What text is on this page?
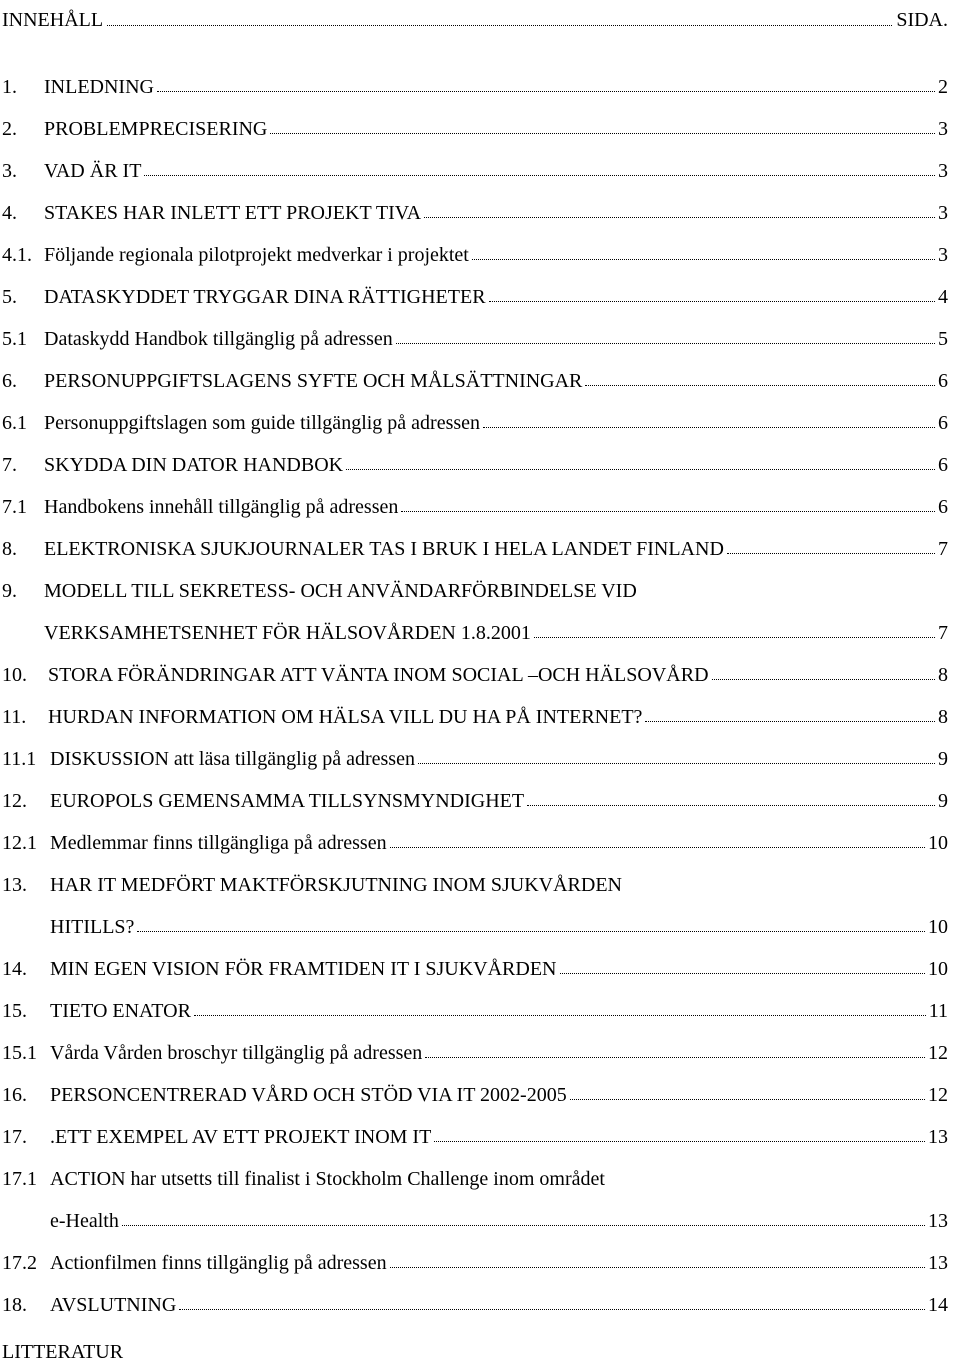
INNEHÅLL	SIDA.
1. INLEDNING	2
2. PROBLEMPRECISERING	3
3. VAD ÄR IT	3
4. STAKES HAR INLETT ETT PROJEKT TIVA	3
4.1. Följande regionala pilotprojekt medverkar i projektet	3
5. DATASKYDDET TRYGGAR DINA RÄTTIGHETER	4
5.1 Dataskydd Handbok tillgänglig på adressen	5
6. PERSONUPPGIFTSLAGENS SYFTE OCH MÅLSÄTTNINGAR	6
6.1 Personuppgiftslagen som guide tillgänglig på adressen	6
7. SKYDDA DIN DATOR HANDBOK	6
7.1 Handbokens innehåll tillgänglig på adressen	6
8. ELEKTRONISKA SJUKJOURNALER TAS I BRUK I HELA LANDET FINLAND	7
9. MODELL TILL SEKRETESS- OCH ANVÄNDARFÖRBINDELSE VID
VERKSAMHETSENHET FÖR HÄLSOVÅRDEN 1.8.2001	7
10. STORA FÖRÄNDRINGAR ATT VÄNTA INOM SOCIAL –OCH HÄLSOVÅRD	8
11. HURDAN INFORMATION OM HÄLSA VILL DU HA PÅ INTERNET?	8
11.1 DISKUSSION att läsa tillgänglig på adressen	9
12. EUROPOLS GEMENSAMMA TILLSYNSMYNDIGHET	9
12.1 Medlemmar finns tillgängliga på adressen	10
13. HAR IT MEDFÖRT MAKTFÖRSKJUTNING INOM SJUKVÅRDEN
HITILLS?	10
14. MIN EGEN VISION FÖR FRAMTIDEN IT I SJUKVÅRDEN	10
15. TIETO ENATOR	11
15.1 Vårda Vården broschyr tillgänglig på adressen	12
16. PERSONCENTRERAD VÅRD OCH STÖD VIA IT 2002-2005	12
17. .ETT EXEMPEL AV ETT PROJEKT INOM IT	13
17.1 ACTION har utsetts till finalist i Stockholm Challenge inom området
e-Health	13
17.2 Actionfilmen finns tillgänglig på adressen	13
18. AVSLUTNING	14
LITTERATUR
